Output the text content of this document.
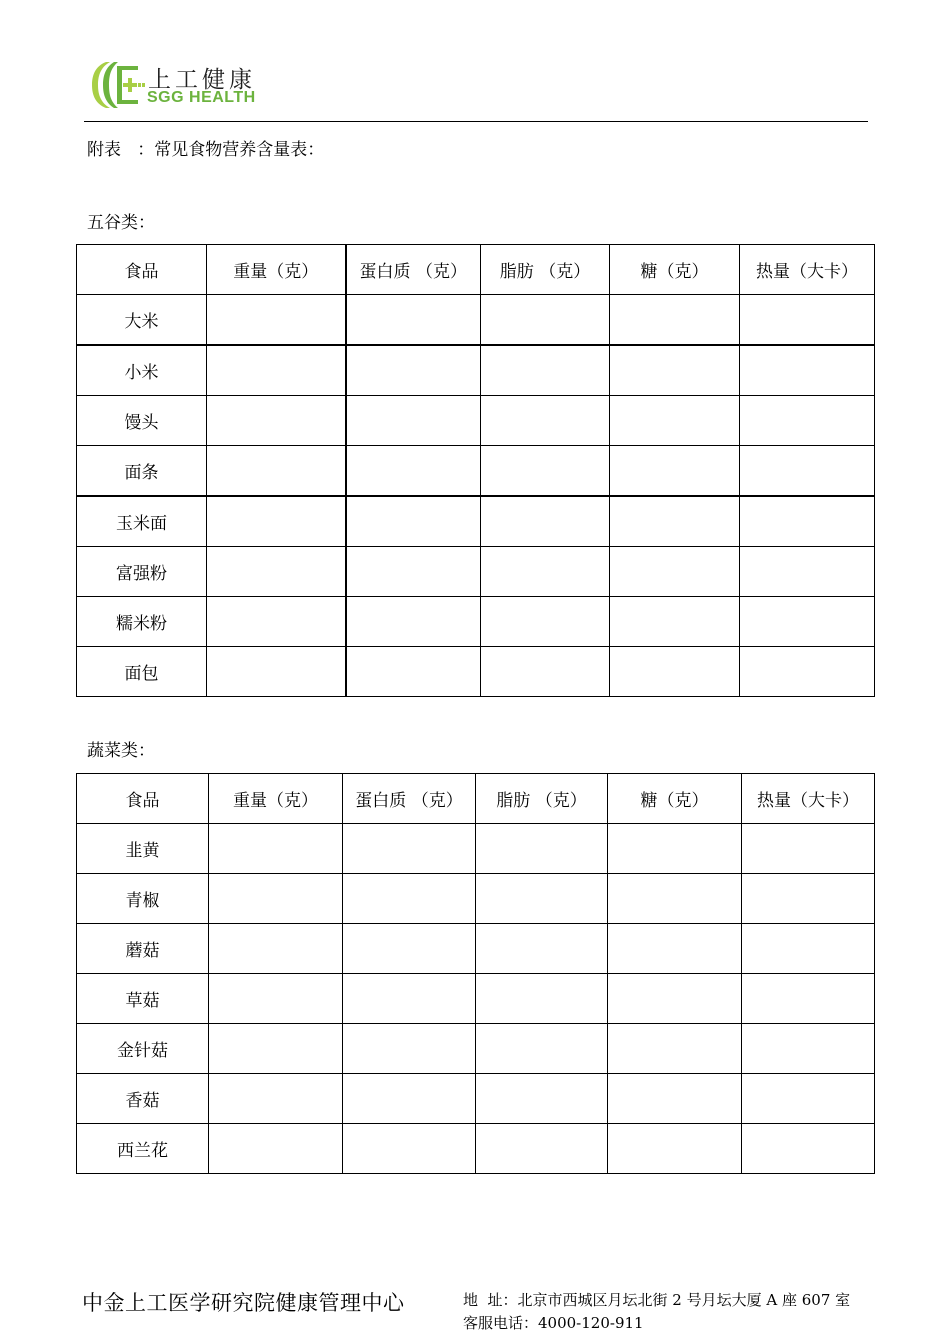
上工健康
SGG HEALTH
附表 ：常见食物营养含量表：
五谷类：
食品	重量（克）	蛋白质 （克）	脂肪 （克）	糖（克）	热量（大卡）
大米					
小米					
馒头					
面条					
玉米面					
富强粉					
糯米粉					
面包					
蔬菜类：
食品	重量（克）	蛋白质 （克）	脂肪 （克）	糖（克）	热量（大卡）
韭黄					
青椒					
蘑菇					
草菇					
金针菇					
香菇					
西兰花					
中金上工医学研究院健康管理中心	地  址：北京市西城区月坛北街 2 号月坛大厦 A 座 607 室
客服电话：4000-120-911
